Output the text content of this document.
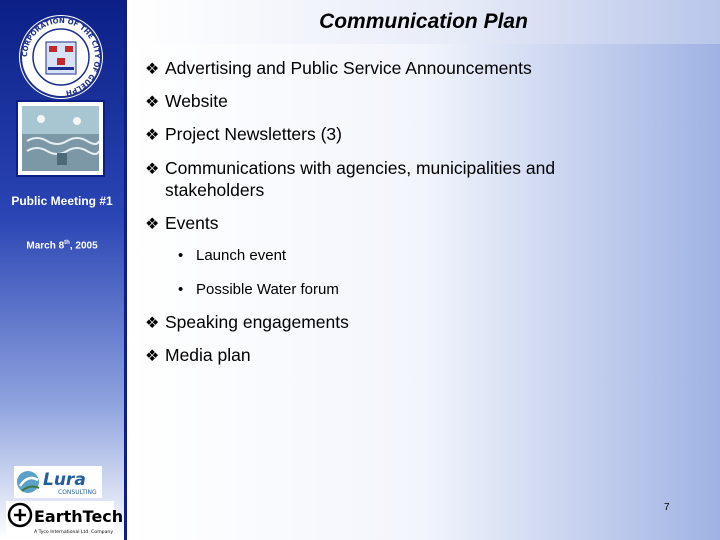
CORPORATION OF THE CITY OF GUELPH
Public Meeting #1
March 8th, 2005
Lura
CONSULTING
EarthTech
A Tyco International Ltd. Company
Communication Plan
❖ Advertising and Public Service Announcements
❖ Website
❖ Project Newsletters (3)
❖ Communications with agencies, municipalities and
stakeholders
❖ Events
• Launch event
• Possible Water forum
❖ Speaking engagements
❖ Media plan
7
